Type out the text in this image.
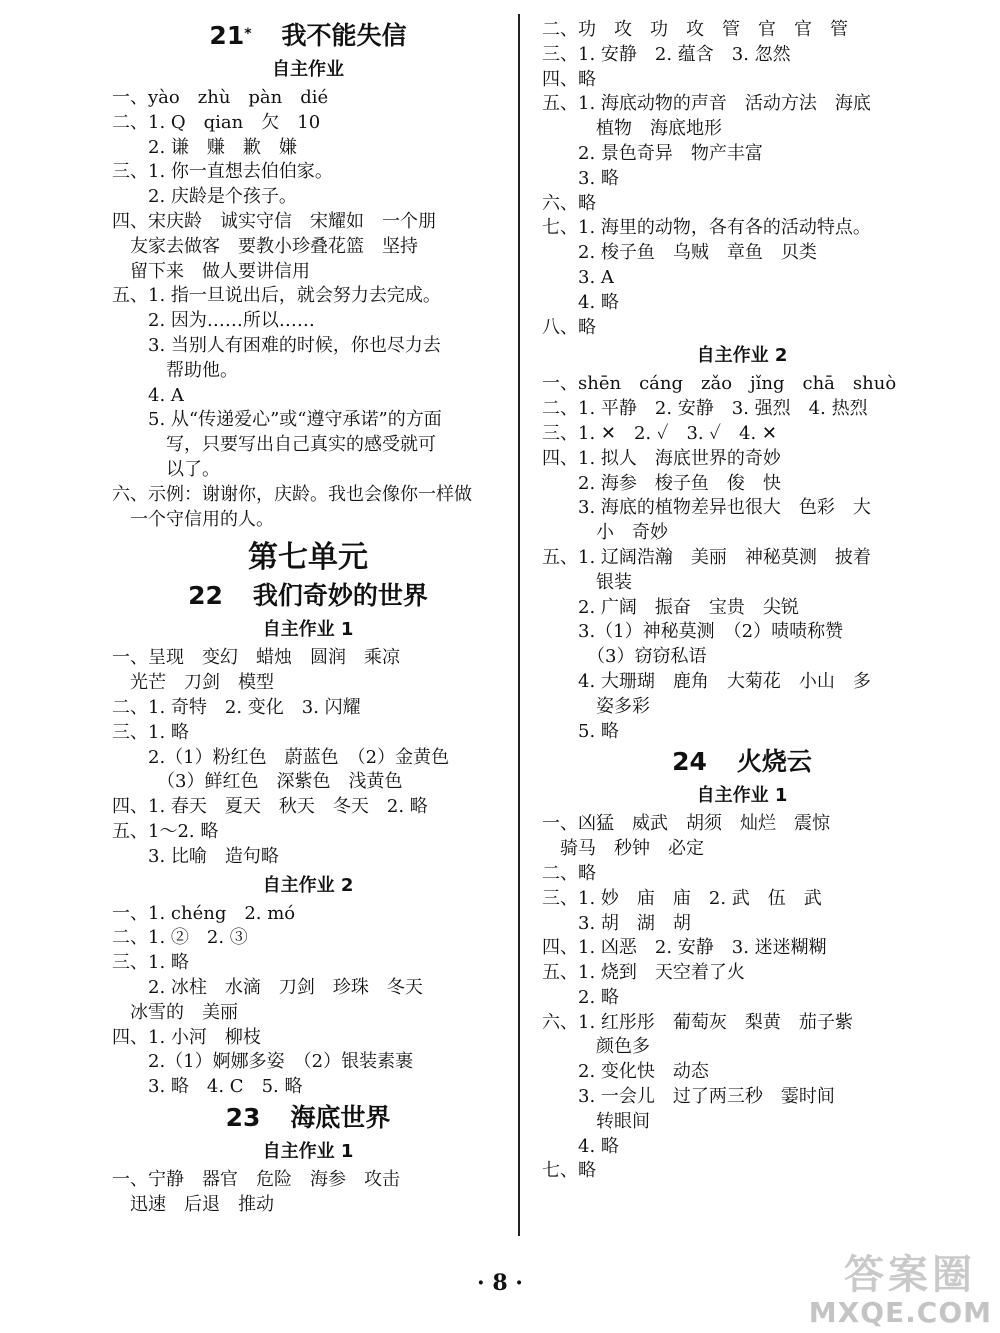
21* 我不能失信
自主作业
一、yào　zhù　pàn　dié
二、1. Q　qian　欠　10
　　2. 谦　赚　歉　嫌
三、1. 你一直想去伯伯家。
　　2. 庆龄是个孩子。
四、宋庆龄　诚实守信　宋耀如　一个朋
　友家去做客　要教小珍叠花篮　坚持
　留下来　做人要讲信用
五、1. 指一旦说出后，就会努力去完成。
　　2. 因为……所以……
　　3. 当别人有困难的时候，你也尽力去
　　　帮助他。
　　4. A
　　5. 从“传递爱心”或“遵守承诺”的方面
　　　写，只要写出自己真实的感受就可
　　　以了。
六、示例：谢谢你，庆龄。我也会像你一样做
　一个守信用的人。
第七单元
22 我们奇妙的世界
自主作业 1
一、呈现　变幻　蜡烛　圆润　乘凉
　光芒　刀剑　模型
二、1. 奇特　2. 变化　3. 闪耀
三、1. 略
　　2.（1）粉红色　蔚蓝色　（2）金黄色
　　　（3）鲜红色　深紫色　浅黄色
四、1. 春天　夏天　秋天　冬天　2. 略
五、1～2. 略
　　3. 比喻　造句略
自主作业 2
一、1. chéng　2. mó
二、1. ②　2. ③
三、1. 略
　　2. 冰柱　水滴　刀剑　珍珠　冬天
　冰雪的　美丽
四、1. 小河　柳枝
　　2.（1）婀娜多姿　（2）银装素裹
　　3. 略　4. C　5. 略
23 海底世界
自主作业 1
一、宁静　器官　危险　海参　攻击
　迅速　后退　推动
二、功　攻　功　攻　管　官　官　管
三、1. 安静　2. 蕴含　3. 忽然
四、略
五、1. 海底动物的声音　活动方法　海底
　　　植物　海底地形
　　2. 景色奇异　物产丰富
　　3. 略
六、略
七、1. 海里的动物，各有各的活动特点。
　　2. 梭子鱼　乌贼　章鱼　贝类
　　3. A
　　4. 略
八、略
自主作业 2
一、shēn　cáng　zǎo　jǐng　chā　shuò
二、1. 平静　2. 安静　3. 强烈　4. 热烈
三、1. ✕　2. ✓　3. ✓　4. ✕
四、1. 拟人　海底世界的奇妙
　　2. 海参　梭子鱼　俊　快
　　3. 海底的植物差异也很大　色彩　大
　　　小　奇妙
五、1. 辽阔浩瀚　美丽　神秘莫测　披着
　　　银装
　　2. 广阔　振奋　宝贵　尖锐
　　3.（1）神秘莫测　（2）啧啧称赞
　　　（3）窃窃私语
　　4. 大珊瑚　鹿角　大菊花　小山　多
　　　姿多彩
　　5. 略
24 火烧云
自主作业 1
一、凶猛　威武　胡须　灿烂　震惊
　骑马　秒钟　必定
二、略
三、1. 妙　庙　庙　2. 武　伍　武
　　3. 胡　湖　胡
四、1. 凶恶　2. 安静　3. 迷迷糊糊
五、1. 烧到　天空着了火
　　2. 略
六、1. 红彤彤　葡萄灰　梨黄　茄子紫
　　　颜色多
　　2. 变化快　动态
　　3. 一会儿　过了两三秒　霎时间
　　　转眼间
　　4. 略
七、略
· 8 ·	答案圈
MXQE.COM
